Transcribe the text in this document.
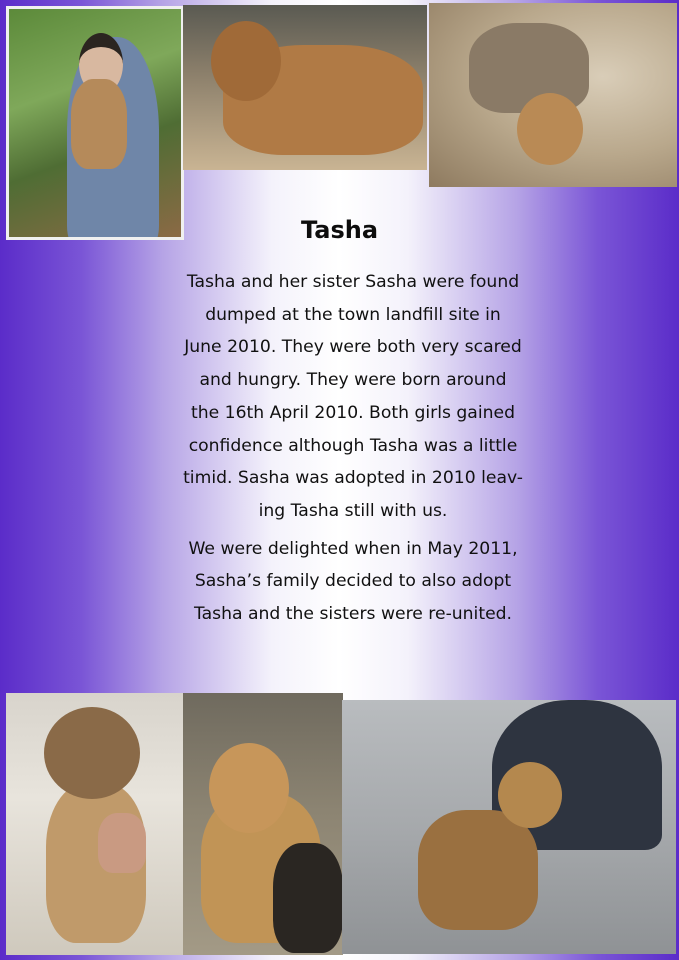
Tasha

Tasha and her sister Sasha were found
dumped at the town landfill site in
June 2010. They were both very scared
and hungry. They were born around
the 16th April 2010. Both girls gained
confidence although Tasha was a little
timid. Sasha was adopted in 2010 leav-
ing Tasha still with us.

We were delighted when in May 2011,
Sasha’s family decided to also adopt
Tasha and the sisters were re-united.
